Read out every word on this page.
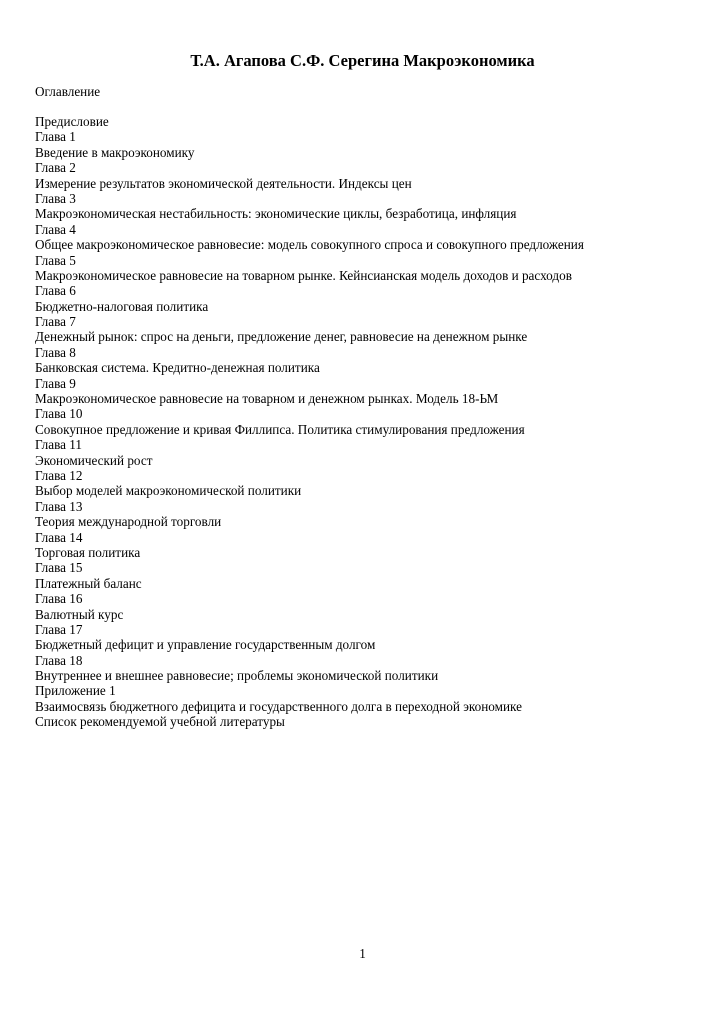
Т.А. Агапова С.Ф. Серегина Макроэкономика
Оглавление
Предисловие
Глава 1
Введение в макроэкономику
Глава 2
Измерение результатов экономической деятельности. Индексы цен
Глава 3
Макроэкономическая нестабильность: экономические циклы, безработица, инфляция
Глава 4
Общее макроэкономическое равновесие: модель совокупного спроса и совокупного предложения
Глава 5
Макроэкономическое равновесие на товарном рынке. Кейнсианская модель доходов и расходов
Глава 6
Бюджетно-налоговая политика
Глава 7
Денежный рынок: спрос на деньги, предложение денег, равновесие на денежном рынке
Глава 8
Банковская система. Кредитно-денежная политика
Глава 9
Макроэкономическое равновесие на товарном и денежном рынках. Модель 18-ЬМ
Глава 10
Совокупное предложение и кривая Филлипса. Политика стимулирования предложения
Глава 11
Экономический рост
Глава 12
Выбор моделей макроэкономической политики
Глава 13
Теория международной торговли
Глава 14
Торговая политика
Глава 15
Платежный баланс
Глава 16
Валютный курс
Глава 17
Бюджетный дефицит и управление государственным долгом
Глава 18
Внутреннее и внешнее равновесие; проблемы экономической политики
Приложение 1
Взаимосвязь бюджетного дефицита и государственного долга в переходной экономике
Список рекомендуемой учебной литературы
1
